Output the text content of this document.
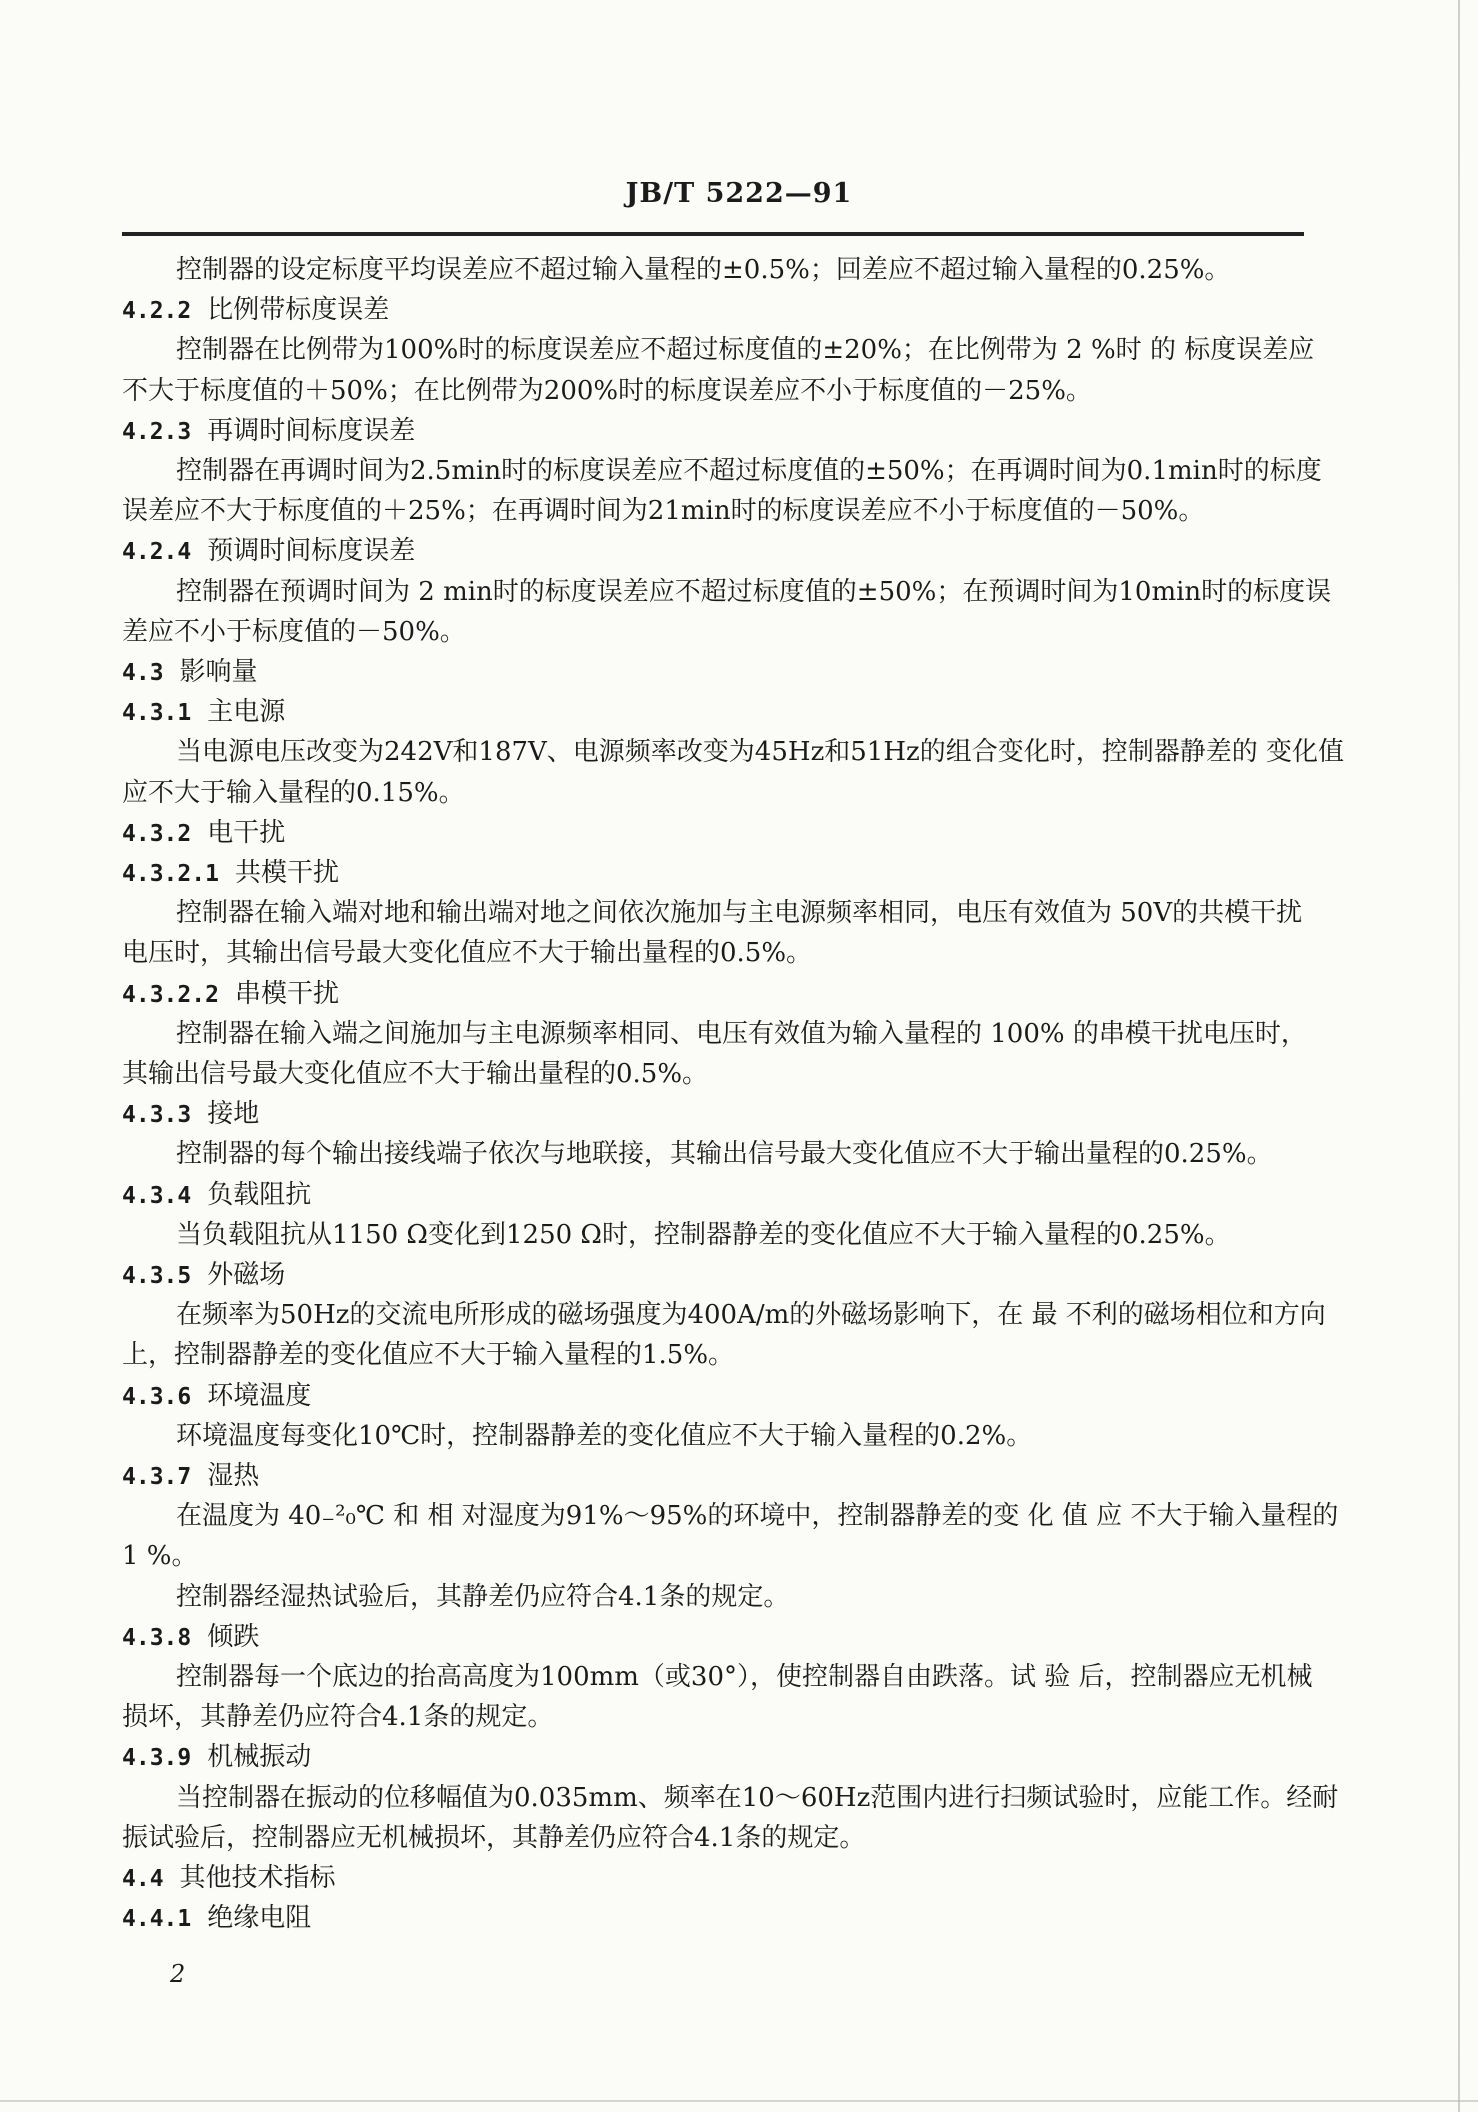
JB/T 5222—91
控制器的设定标度平均误差应不超过输入量程的±0.5%；回差应不超过输入量程的0.25%。
4.2.2 比例带标度误差
控制器在比例带为100%时的标度误差应不超过标度值的±20%；在比例带为 2 %时 的 标度误差应
不大于标度值的＋50%；在比例带为200%时的标度误差应不小于标度值的－25%。
4.2.3 再调时间标度误差
控制器在再调时间为2.5min时的标度误差应不超过标度值的±50%；在再调时间为0.1min时的标度
误差应不大于标度值的＋25%；在再调时间为21min时的标度误差应不小于标度值的－50%。
4.2.4 预调时间标度误差
控制器在预调时间为 2 min时的标度误差应不超过标度值的±50%；在预调时间为10min时的标度误
差应不小于标度值的－50%。
4.3 影响量
4.3.1 主电源
当电源电压改变为242V和187V、电源频率改变为45Hz和51Hz的组合变化时，控制器静差的 变化值
应不大于输入量程的0.15%。
4.3.2 电干扰
4.3.2.1 共模干扰
控制器在输入端对地和输出端对地之间依次施加与主电源频率相同，电压有效值为 50V的共模干扰
电压时，其输出信号最大变化值应不大于输出量程的0.5%。
4.3.2.2 串模干扰
控制器在输入端之间施加与主电源频率相同、电压有效值为输入量程的 100% 的串模干扰电压时，
其输出信号最大变化值应不大于输出量程的0.5%。
4.3.3 接地
控制器的每个输出接线端子依次与地联接，其输出信号最大变化值应不大于输出量程的0.25%。
4.3.4 负载阻抗
当负载阻抗从1150 Ω变化到1250 Ω时，控制器静差的变化值应不大于输入量程的0.25%。
4.3.5 外磁场
在频率为50Hz的交流电所形成的磁场强度为400A/m的外磁场影响下，在 最 不利的磁场相位和方向
上，控制器静差的变化值应不大于输入量程的1.5%。
4.3.6 环境温度
环境温度每变化10℃时，控制器静差的变化值应不大于输入量程的0.2%。
4.3.7 湿热
在温度为 40₋²₀℃ 和 相 对湿度为91%～95%的环境中，控制器静差的变 化 值 应 不大于输入量程的
1 %。
控制器经湿热试验后，其静差仍应符合4.1条的规定。
4.3.8 倾跌
控制器每一个底边的抬高高度为100mm（或30°），使控制器自由跌落。试 验 后，控制器应无机械
损坏，其静差仍应符合4.1条的规定。
4.3.9 机械振动
当控制器在振动的位移幅值为0.035mm、频率在10～60Hz范围内进行扫频试验时，应能工作。经耐
振试验后，控制器应无机械损坏，其静差仍应符合4.1条的规定。
4.4 其他技术指标
4.4.1 绝缘电阻
2
